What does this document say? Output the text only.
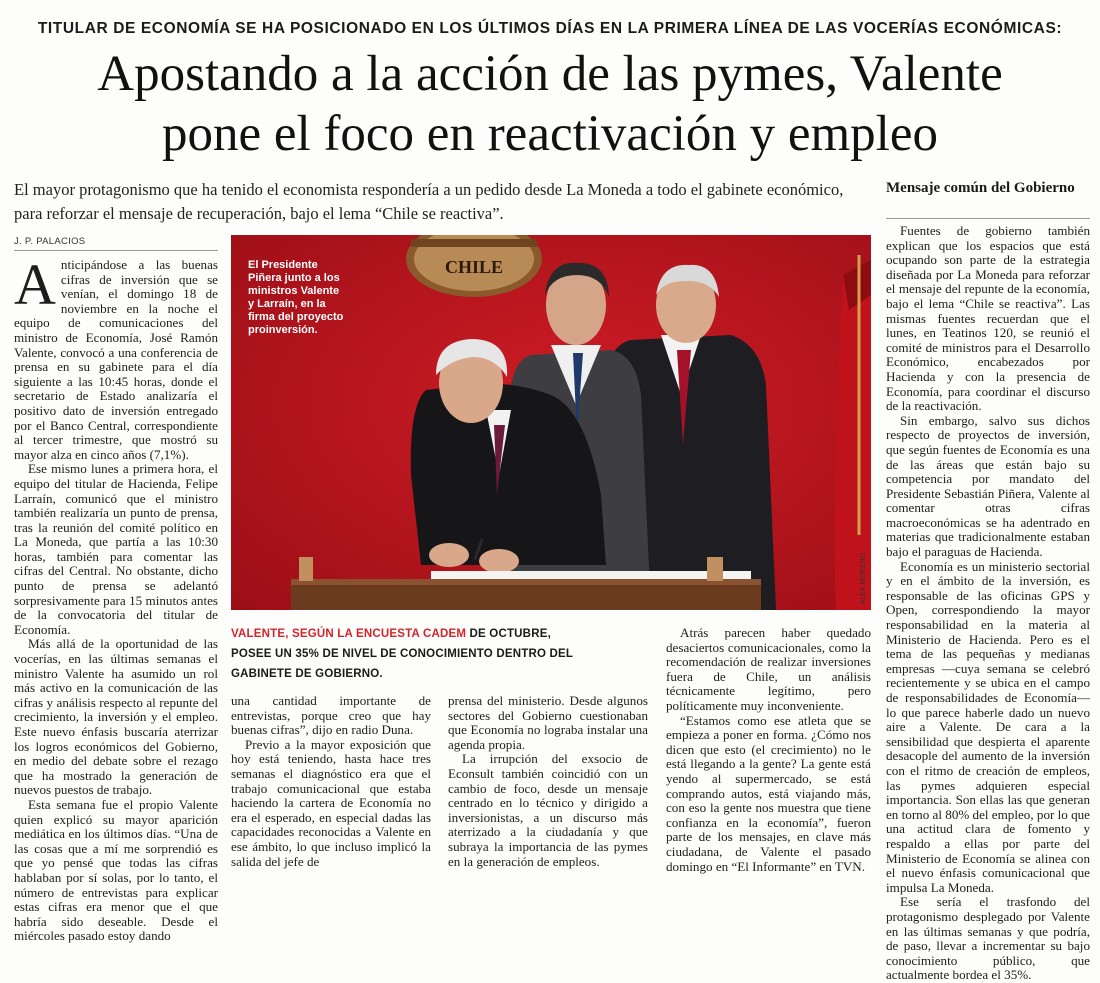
TITULAR DE ECONOMÍA SE HA POSICIONADO EN LOS ÚLTIMOS DÍAS EN LA PRIMERA LÍNEA DE LAS VOCERÍAS ECONÓMICAS:
Apostando a la acción de las pymes, Valente
pone el foco en reactivación y empleo
El mayor protagonismo que ha tenido el economista respondería a un pedido desde La Moneda a todo el gabinete económico, para reforzar el mensaje de recuperación, bajo el lema “Chile se reactiva”.
J. P. PALACIOS

Anticipándose a las buenas cifras de inversión que se venían, el domingo 18 de noviembre en la noche el equipo de comunicaciones del ministro de Economía, José Ramón Valente, convocó a una conferencia de prensa en su gabinete para el día siguiente a las 10:45 horas, donde el secretario de Estado analizaría el positivo dato de inversión entregado por el Banco Central, correspondiente al tercer trimestre, que mostró su mayor alza en cinco años (7,1%).

Ese mismo lunes a primera hora, el equipo del titular de Hacienda, Felipe Larraín, comunicó que el ministro también realizaría un punto de prensa, tras la reunión del comité político en La Moneda, que partía a las 10:30 horas, también para comentar las cifras del Central. No obstante, dicho punto de prensa se adelantó sorpresivamente para 15 minutos antes de la convocatoria del titular de Economía.

Más allá de la oportunidad de las vocerías, en las últimas semanas el ministro Valente ha asumido un rol más activo en la comunicación de las cifras y análisis respecto al repunte del crecimiento, la inversión y el empleo. Este nuevo énfasis buscaría aterrizar los logros económicos del Gobierno, en medio del debate sobre el rezago que ha mostrado la generación de nuevos puestos de trabajo.

Esta semana fue el propio Valente quien explicó su mayor aparición mediática en los últimos días. “Una de las cosas que a mí me sorprendió es que yo pensé que todas las cifras hablaban por sí solas, por lo tanto, el número de entrevistas para explicar estas cifras era menor que el que habría sido deseable. Desde el miércoles pasado estoy dando

CHILE
El Presidente Piñera junto a los ministros Valente y Larraín, en la firma del proyecto proinversión.
ALEX MORENO
VALENTE, SEGÚN LA ENCUESTA CADEM DE OCTUBRE, POSEE UN 35% DE NIVEL DE CONOCIMIENTO DENTRO DEL GABINETE DE GOBIERNO.

una cantidad importante de entrevistas, porque creo que hay buenas cifras”, dijo en radio Duna.

Previo a la mayor exposición que hoy está teniendo, hasta hace tres semanas el diagnóstico era que el trabajo comunicacional que estaba haciendo la cartera de Economía no era el esperado, en especial dadas las capacidades reconocidas a Valente en ese ámbito, lo que incluso implicó la salida del jefe de

prensa del ministerio. Desde algunos sectores del Gobierno cuestionaban que Economía no lograba instalar una agenda propia.

La irrupción del exsocio de Econsult también coincidió con un cambio de foco, desde un mensaje centrado en lo técnico y dirigido a inversionistas, a un discurso más aterrizado a la ciudadanía y que subraya la importancia de las pymes en la generación de empleos.

Atrás parecen haber quedado desaciertos comunicacionales, como la recomendación de realizar inversiones fuera de Chile, un análisis técnicamente legítimo, pero políticamente muy inconveniente.

“Estamos como ese atleta que se empieza a poner en forma. ¿Cómo nos dicen que esto (el crecimiento) no le está llegando a la gente? La gente está yendo al supermercado, se está comprando autos, está viajando más, con eso la gente nos muestra que tiene confianza en la economía”, fueron parte de los mensajes, en clave más ciudadana, de Valente el pasado domingo en “El Informante” en TVN.

Mensaje común del Gobierno

Fuentes de gobierno también explican que los espacios que está ocupando son parte de la estrategia diseñada por La Moneda para reforzar el mensaje del repunte de la economía, bajo el lema “Chile se reactiva”. Las mismas fuentes recuerdan que el lunes, en Teatinos 120, se reunió el comité de ministros para el Desarrollo Económico, encabezados por Hacienda y con la presencia de Economía, para coordinar el discurso de la reactivación.

Sin embargo, salvo sus dichos respecto de proyectos de inversión, que según fuentes de Economía es una de las áreas que están bajo su competencia por mandato del Presidente Sebastián Piñera, Valente al comentar otras cifras macroeconómicas se ha adentrado en materias que tradicionalmente estaban bajo el paraguas de Hacienda.

Economía es un ministerio sectorial y en el ámbito de la inversión, es responsable de las oficinas GPS y Open, correspondiendo la mayor responsabilidad en la materia al Ministerio de Hacienda. Pero es el tema de las pequeñas y medianas empresas —cuya semana se celebró recientemente y se ubica en el campo de responsabilidades de Economía— lo que parece haberle dado un nuevo aire a Valente. De cara a la sensibilidad que despierta el aparente desacople del aumento de la inversión con el ritmo de creación de empleos, las pymes adquieren especial importancia. Son ellas las que generan en torno al 80% del empleo, por lo que una actitud clara de fomento y respaldo a ellas por parte del Ministerio de Economía se alinea con el nuevo énfasis comunicacional que impulsa La Moneda.

Ese sería el trasfondo del protagonismo desplegado por Valente en las últimas semanas y que podría, de paso, llevar a incrementar su bajo conocimiento público, que actualmente bordea el 35%.
